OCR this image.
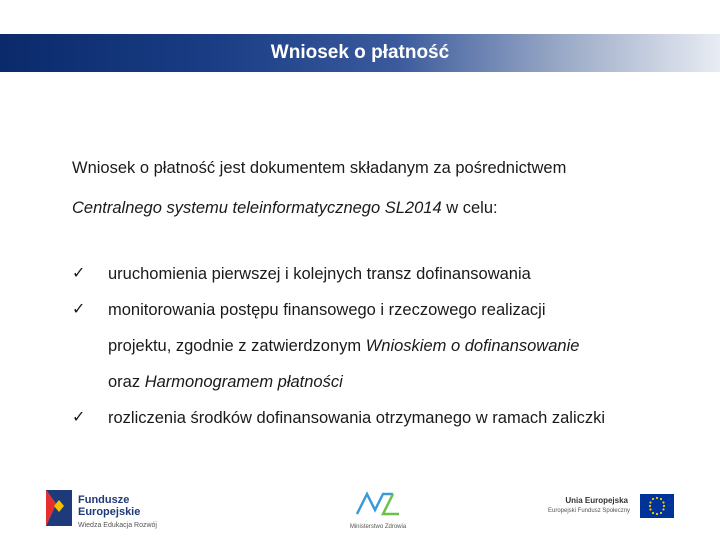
Wniosek o płatność

Wniosek o płatność jest dokumentem składanym za pośrednictwem

Centralnego systemu teleinformatycznego SL2014 w celu:

✓ uruchomienia pierwszej i kolejnych transz dofinansowania
✓ monitorowania postępu finansowego i rzeczowego realizacji
projektu, zgodnie z zatwierdzonym Wnioskiem o dofinansowanie
oraz Harmonogramem płatności
✓ rozliczenia środków dofinansowania otrzymanego w ramach zaliczki
Fundusze
Europejskie
Wiedza Edukacja Rozwój	Ministerstwo Zdrowia
Unia Europejska
Europejski Fundusz Społeczny
